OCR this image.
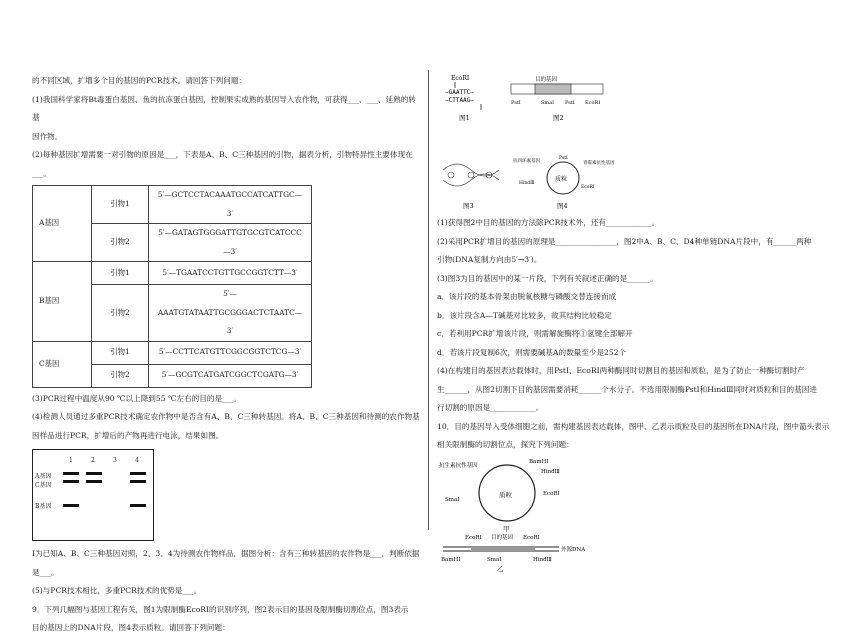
的不同区域，扩增多个目的基因的PCR技术。请回答下列问题：

(1)我国科学家将Bt毒蛋白基因、鱼的抗冻蛋白基因，控制果实成熟的基因导入农作物，可获得___、___、延熟的转基

因作物。

(2)每种基因扩增需要一对引物的原因是___，下表是A、B、C三种基因的引物，据表分析，引物特异性主要体现在___。

A基因	引物1	5′—GCTCCTACAAATGCCATCATTGC—3′
	引物2	5′—GATAGTGGGATTGTGCGTCATCCC—3′
B基因	引物1	5′—TGAATCCTGTTGCCGGTCTT—3′
	引物2	5′—AAATGTATAATTGCGGGACTCTAATC—3′
C基因	引物1	5′—CCTTCATGTTCGGCGGTCTCG—3′
	引物2	5′—GCGTCATGATCGGCTCGATG—3′

(3)PCR过程中温度从90 ℃以上降到55 ℃左右的目的是___。

(4)检测人员通过多重PCR技术确定农作物中是否含有A、B、C三种转基因。将A、B、C三种基因和待测的农作物基

因样品进行PCR，扩增后的产物再进行电泳，结果如图。

1	2	3	4
A基因
C基因
B基因

Ⅰ为已知A、B、C三种基因对照，2、3、4为待测农作物样品，据图分析：含有三种转基因的农作物是___，判断依据

是___。

(5)与PCR技术相比，多重PCR技术的优势是___。

9．下列几幅图与基因工程有关，图1为限制酶EcoRⅠ的识别序列，图2表示目的基因及限制酶切割位点，图3表示

目的基因上的DNA片段，图4表示质粒。请回答下列问题：

EcoRⅠ
—GAATTC—
—CTTAAG—
图1
目的基因
PstⅠ	SmaⅠ PstⅠ EcoRⅠ
图2
图3
质粒
抗四环素基因	青霉素抗性基因
PstⅠ
HindⅢ
EcoRⅠ
图4

(1)获得图2中目的基因的方法除PCR技术外，还有____________。

(2)采用PCR扩增目的基因的原理是________________，图2中A、B、C、D4种单链DNA片段中，有______两种

引物(DNA复制方向由5′→3′)。

(3)图3为目的基因中的某一片段，下列有关叙述正确的是______。

a．该片段的基本骨架由脱氧核糖与磷酸交替连接而成

b．该片段含A—T碱基对比较多，故其结构比较稳定

c．若利用PCR扩增该片段，则需解旋酶将①氢键全部解开

d．若该片段复制6次，则需要碱基A的数量至少是252个

(4)在构建目的基因表达载体时，用PstⅠ、EcoRⅠ两种酶同时切割目的基因和质粒，是为了防止一种酶切割时产

生______，从图2切割下目的基因需要消耗______个水分子。不选用限制酶PstⅠ和HindⅢ同时对质粒和目的基因进

行切割的原因是____________。

10．目的基因导入受体细胞之前，需构建基因表达载体，图甲、乙表示质粒及目的基因所在DNA片段，图中箭头表示

相关限制酶的切割位点，探究下列问题：

质粒
抗生素抗性基因
BamHⅠ
HindⅢ
SmaⅠ
EcoRⅠ
甲
EcoRⅠ 目的基因 EcoRⅠ
外源DNA
BamHⅠ	SmaⅠ	HindⅢ
乙
